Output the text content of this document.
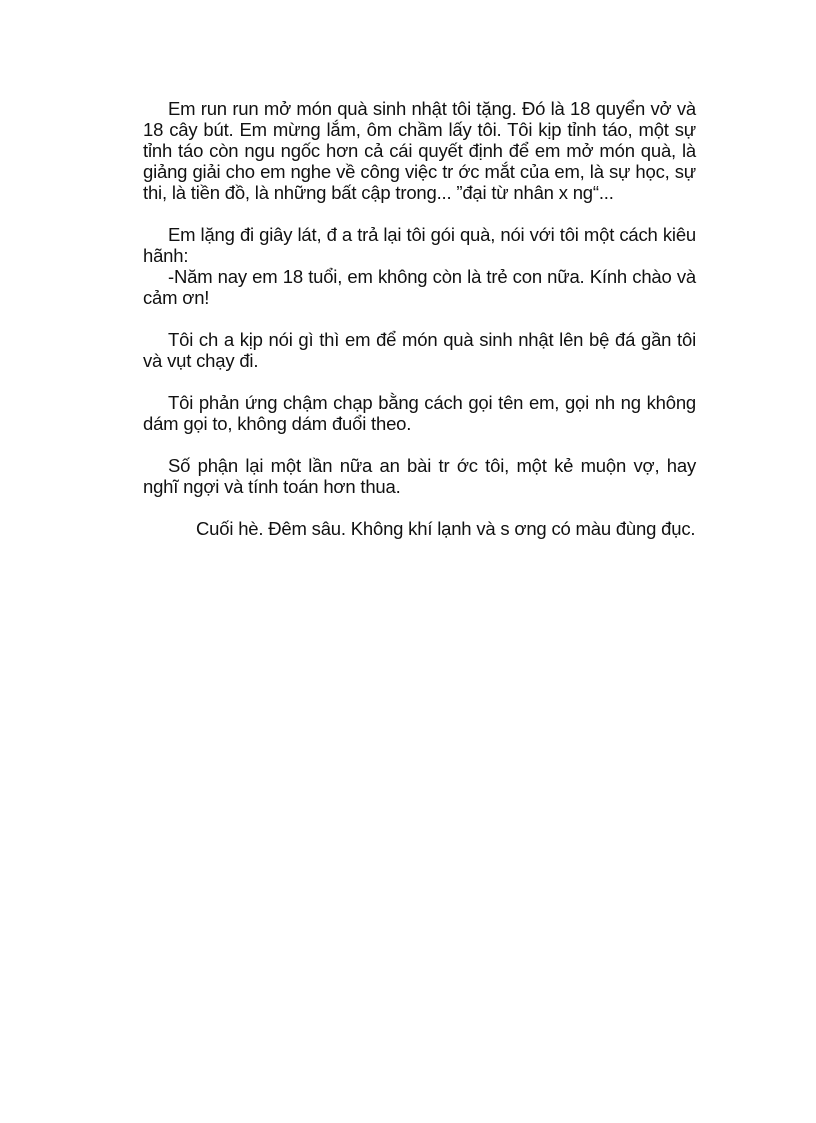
Em run run mở món quà sinh nhật tôi tặng. Đó là 18 quyển vở và 18 cây bút. Em mừng lắm, ôm chầm lấy tôi. Tôi kịp tỉnh táo, một sự tỉnh táo còn ngu ngốc hơn cả cái quyết định để em mở món quà, là giảng giải cho em nghe về công việc tr ớc mắt của em, là sự học, sự thi, là tiền đồ, là những bất cập trong... ”đại từ nhân x ng“...

Em lặng đi giây lát, đ a trả lại tôi gói quà, nói với tôi một cách kiêu hãnh:

-Năm nay em 18 tuổi, em không còn là trẻ con nữa. Kính chào và cảm ơn!

Tôi ch a kịp nói gì thì em để món quà sinh nhật lên bệ đá gần tôi và vụt chạy đi.

Tôi phản ứng chậm chạp bằng cách gọi tên em, gọi nh ng không dám gọi to, không dám đuổi theo.

Số phận lại một lần nữa an bài tr ớc tôi, một kẻ muộn vợ, hay nghĩ ngợi và tính toán hơn thua.

Cuối hè. Đêm sâu. Không khí lạnh và s ơng có màu đùng đục.
